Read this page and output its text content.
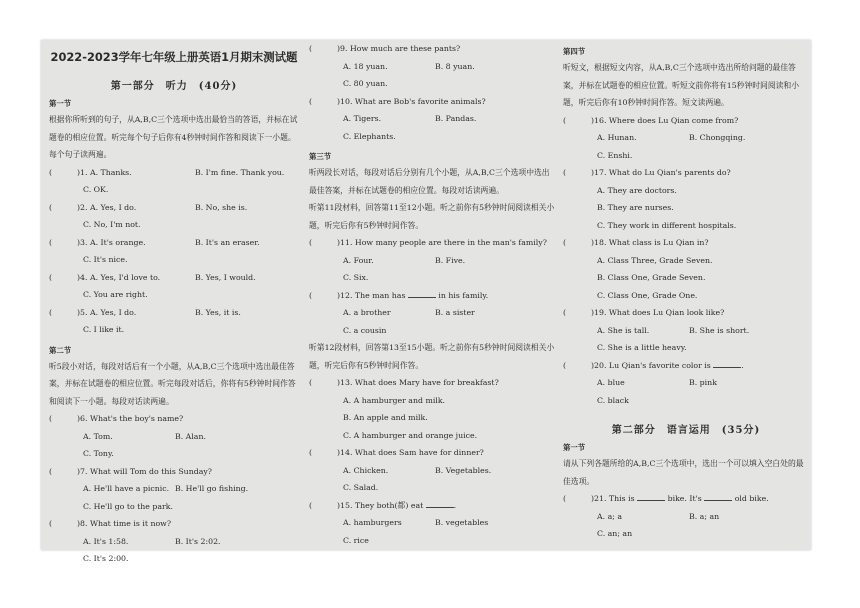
2022-2023学年七年级上册英语1月期末测试题
第一部分　听力　(40分)
第一节

根据你所听到的句子，从A,B,C三个选项中选出最恰当的答语，并标在试题卷的相应位置。听完每个句子后你有4秒钟时间作答和阅读下一小题。每个句子读两遍。

(	)1. A. Thanks.	B. I'm fine. Thank you.
C. OK.
(	)2. A. Yes, I do.	B. No, she is.
C. No, I'm not.
(	)3. A. It's orange.	B. It's an eraser.
C. It's nice.
(	)4. A. Yes, I'd love to.	B. Yes, I would.
C. You are right.
(	)5. A. Yes, I do.	B. Yes, it is.
C. I like it.
第二节

听5段小对话，每段对话后有一个小题，从A,B,C三个选项中选出最佳答案，并标在试题卷的相应位置。听完每段对话后，你将有5秒钟时间作答和阅读下一小题。每段对话读两遍。

(	)6. What's the boy's name?
A. Tom.	B. Alan.
C. Tony.
(	)7. What will Tom do this Sunday?
A. He'll have a picnic. B. He'll go fishing.
C. He'll go to the park.
(	)8. What time is it now?
A. It's 1:58.	B. It's 2:02.
C. It's 2:00.
(	)9. How much are these pants?
A. 18 yuan.	B. 8 yuan.
C. 80 yuan.
(	)10. What are Bob's favorite animals?
A. Tigers.	B. Pandas.
C. Elephants.
第三节

听两段长对话，每段对话后分别有几个小题，从A,B,C三个选项中选出最佳答案，并标在试题卷的相应位置。每段对话读两遍。

听第11段材料，回答第11至12小题。听之前你有5秒钟时间阅读相关小题，听完后你有5秒钟时间作答。

(	)11. How many people are there in the man's family?
A. Four.	B. Five.
C. Six.
(	)12. The man has	in his family.
A. a brother	B. a sister
C. a cousin

听第12段材料，回答第13至15小题。听之前你有5秒钟时间阅读相关小题，听完后你有5秒钟时间作答。

(	)13. What does Mary have for breakfast?
A. A hamburger and milk.
B. An apple and milk.
C. A hamburger and orange juice.
(	)14. What does Sam have for dinner?
A. Chicken.	B. Vegetables.
C. Salad.
(	)15. They both(都) eat	.
A. hamburgers	B. vegetables
C. rice
第四节

听短文，根据短文内容，从A,B,C三个选项中选出所给问题的最佳答案，并标在试题卷的相应位置。听短文前你将有15秒钟时间阅读和小题，听完后你有10秒钟时间作答。短文读两遍。

(	)16. Where does Lu Qian come from?
A. Hunan.	B. Chongqing.
C. Enshi.
(	)17. What do Lu Qian's parents do?
A. They are doctors.
B. They are nurses.
C. They work in different hospitals.
(	)18. What class is Lu Qian in?
A. Class Three, Grade Seven.
B. Class One, Grade Seven.
C. Class One, Grade One.
(	)19. What does Lu Qian look like?
A. She is tall.	B. She is short.
C. She is a little heavy.
(	)20. Lu Qian's favorite color is	.
A. blue	B. pink
C. black
第二部分　语言运用　(35分)
第一节

请从下列各题所给的A,B,C三个选项中，选出一个可以填入空白处的最佳选项。

(	)21. This is	bike. It's	old bike.
A. a; a	B. a; an
C. an; an
